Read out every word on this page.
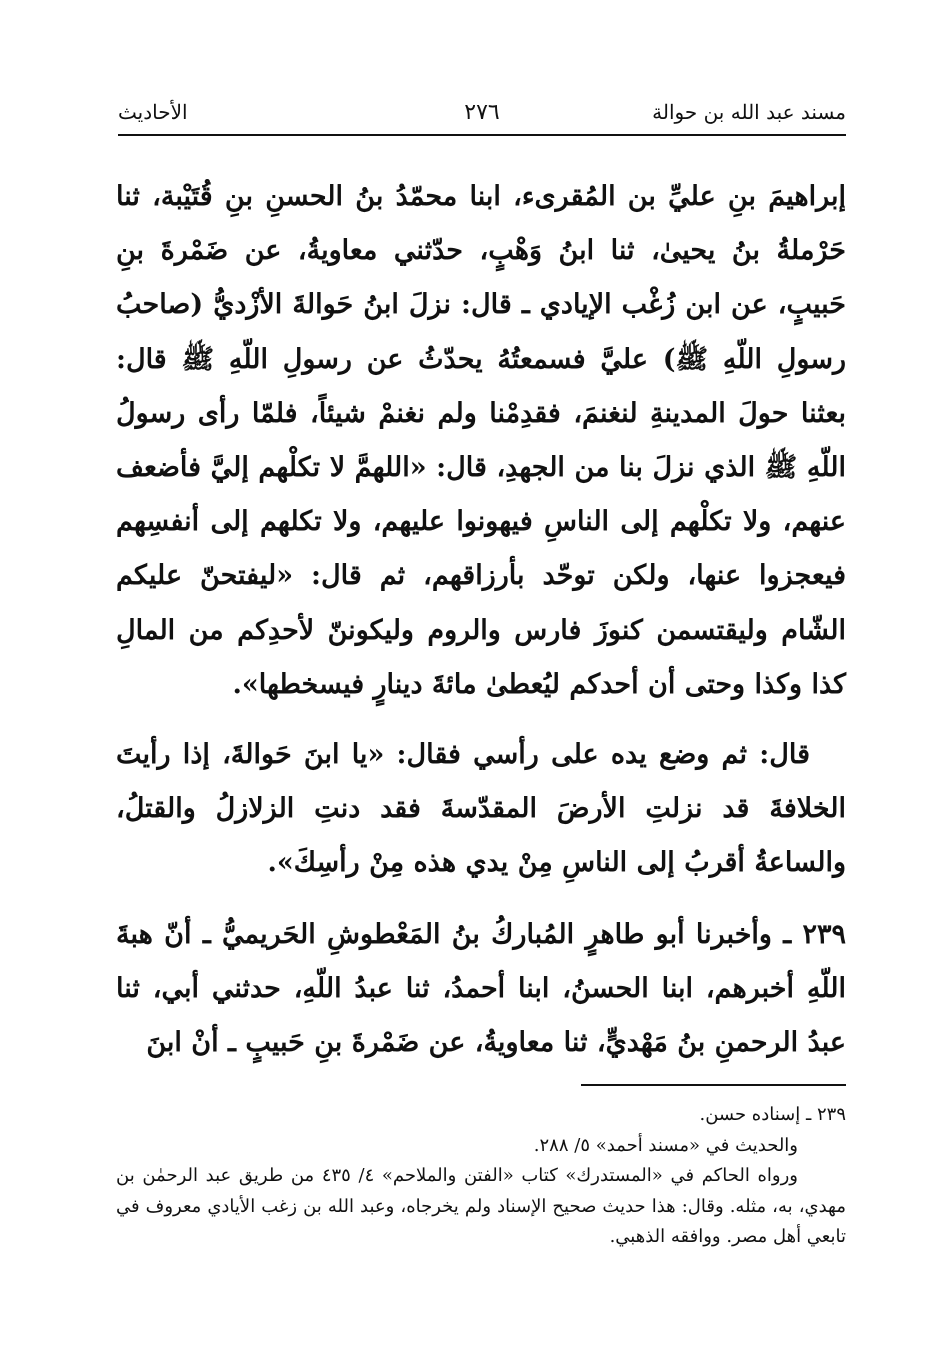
مسند عبد الله بن حوالة
٢٧٦
الأحاديث

إبراهيمَ بنِ عليِّ بن المُقرىء، ابنا محمّدُ بنُ الحسنِ بنِ قُتَيْبة، ثنا حَرْملةُ بنُ يحيىٰ، ثنا ابنُ وَهْبٍ، حدّثني معاويةُ، عن ضَمْرةَ بنِ حَبيبٍ، عن ابن زُغْب الإيادي ـ قال: نزلَ ابنُ حَوالةَ الأزْديُّ (صاحبُ رسولِ اللّهِ ﷺ) عليَّ فسمعتُهُ يحدّثُ عن رسولِ اللّهِ ﷺ قال: بعثنا حولَ المدينةِ لنغنمَ، فقدِمْنا ولم نغنمْ شيئاً، فلمّا رأى رسولُ اللّهِ ﷺ الذي نزلَ بنا من الجهدِ، قال: «اللهمَّ لا تكلْهم إليَّ فأضعف عنهم، ولا تكلْهم إلى الناسِ فيهونوا عليهم، ولا تكلهم إلى أنفسِهم فيعجزوا عنها، ولكن توحّد بأرزاقهم، ثم قال: «ليفتحنّ عليكم الشّام وليقتسمن كنوزَ فارس والروم وليكوننّ لأحدِكم من المالِ كذا وكذا وحتى أن أحدكم ليُعطىٰ مائةَ دينارٍ فيسخطها».

قال: ثم وضع يده على رأسي فقال: «يا ابنَ حَوالةَ، إذا رأيتَ الخلافةَ قد نزلتِ الأرضَ المقدّسةَ فقد دنتِ الزلازلُ والقتلُ، والساعةُ أقربُ إلى الناسِ مِنْ يدي هذه مِنْ رأسِكَ».

٢٣٩ ـ وأخبرنا أبو طاهرٍ المُباركُ بنُ المَعْطوشِ الحَريميُّ ـ أنّ هبةَ اللّهِ أخبرهم، ابنا الحسنُ، ابنا أحمدُ، ثنا عبدُ اللّهِ، حدثني أبي، ثنا عبدُ الرحمنِ بنُ مَهْديٍّ، ثنا معاويةُ، عن ضَمْرةَ بنِ حَبيبٍ ـ أنْ ابنَ

٢٣٩ ـ إسناده حسن.

والحديث في «مسند أحمد» ٥/ ٢٨٨.

ورواه الحاكم في «المستدرك» كتاب «الفتن والملاحم» ٤/ ٤٣٥ من طريق عبد الرحمٰن بن مهدي، به، مثله. وقال: هذا حديث صحيح الإسناد ولم يخرجاه، وعبد الله بن زغب الأيادي معروف في تابعي أهل مصر. ووافقه الذهبي.
